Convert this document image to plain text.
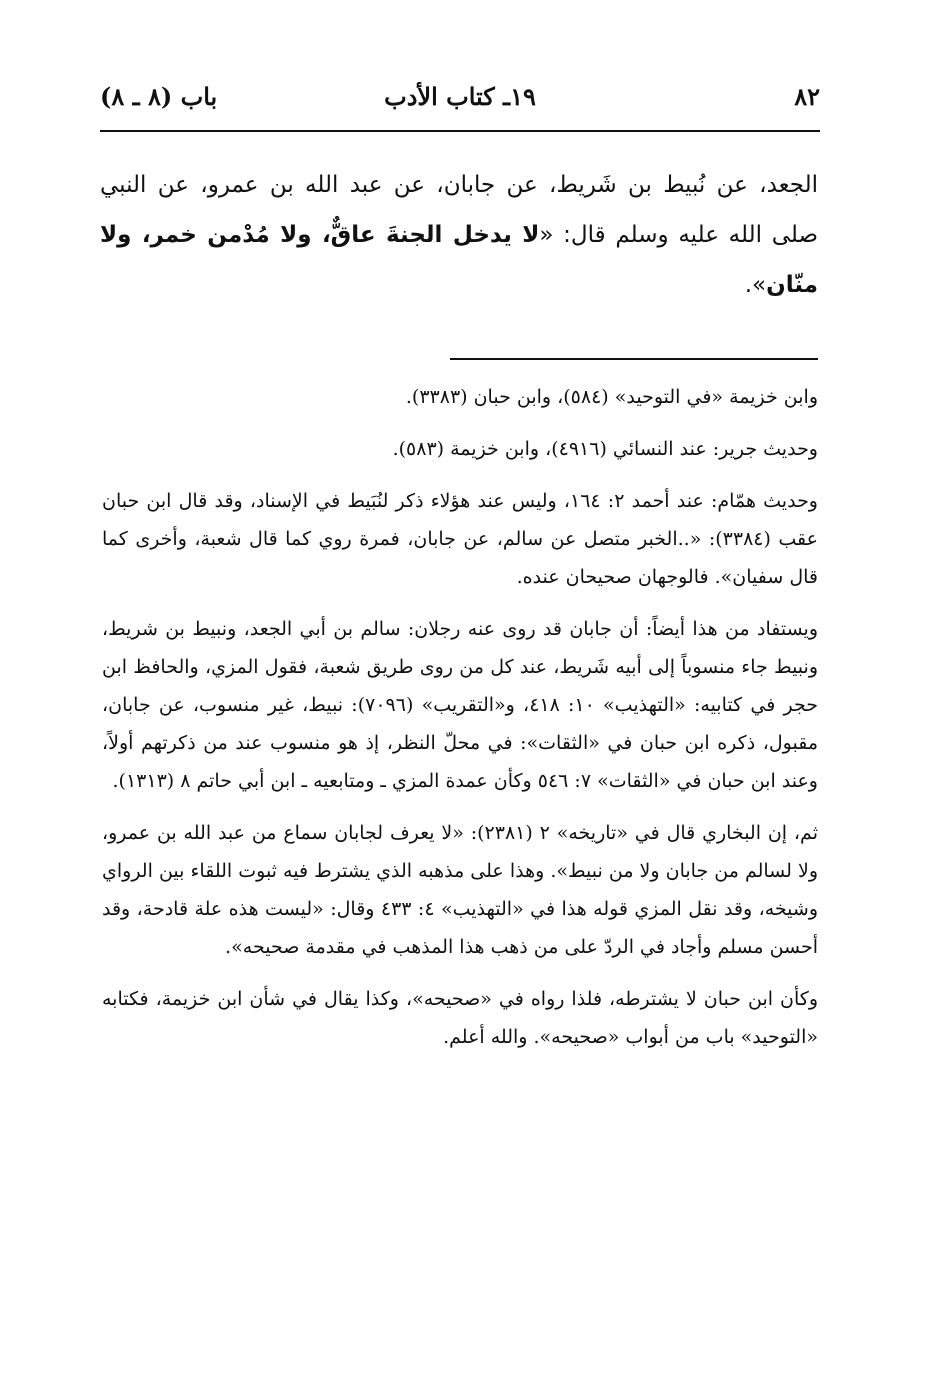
باب (٨ ـ ٨)	١٩ـ كتاب الأدب	٨٢
الجعد، عن نُبيط بن شَريط، عن جابان، عن عبد الله بن عمرو، عن النبي صلى الله عليه وسلم قال: «لا يدخل الجنةَ عاقٌّ، ولا مُدْمن خمر، ولا منّان».

وابن خزيمة «في التوحيد» (٥٨٤)، وابن حبان (٣٣٨٣).

وحديث جرير: عند النسائي (٤٩١٦)، وابن خزيمة (٥٨٣).

وحديث همّام: عند أحمد ٢: ١٦٤، وليس عند هؤلاء ذكر لنُبَيط في الإسناد، وقد قال ابن حبان عقب (٣٣٨٤): «..الخبر متصل عن سالم، عن جابان، فمرة روي كما قال شعبة، وأخرى كما قال سفيان». فالوجهان صحيحان عنده.

ويستفاد من هذا أيضاً: أن جابان قد روى عنه رجلان: سالم بن أبي الجعد، ونبيط بن شريط، ونبيط جاء منسوباً إلى أبيه شَريط، عند كل من روى طريق شعبة، فقول المزي، والحافظ ابن حجر في كتابيه: «التهذيب» ١٠: ٤١٨، و«التقريب» (٧٠٩٦): نبيط، غير منسوب، عن جابان، مقبول، ذكره ابن حبان في «الثقات»: في محلّ النظر، إذ هو منسوب عند من ذكرتهم أولاً، وعند ابن حبان في «الثقات» ٧: ٥٤٦ وكأن عمدة المزي ـ ومتابعيه ـ ابن أبي حاتم ٨ (١٣١٣).

ثم، إن البخاري قال في «تاريخه» ٢ (٢٣٨١): «لا يعرف لجابان سماع من عبد الله بن عمرو، ولا لسالم من جابان ولا من نبيط». وهذا على مذهبه الذي يشترط فيه ثبوت اللقاء بين الرواي وشيخه، وقد نقل المزي قوله هذا في «التهذيب» ٤: ٤٣٣ وقال: «ليست هذه علة قادحة، وقد أحسن مسلم وأجاد في الردّ على من ذهب هذا المذهب في مقدمة صحيحه».

وكأن ابن حبان لا يشترطه، فلذا رواه في «صحيحه»، وكذا يقال في شأن ابن خزيمة، فكتابه «التوحيد» باب من أبواب «صحيحه». والله أعلم.
